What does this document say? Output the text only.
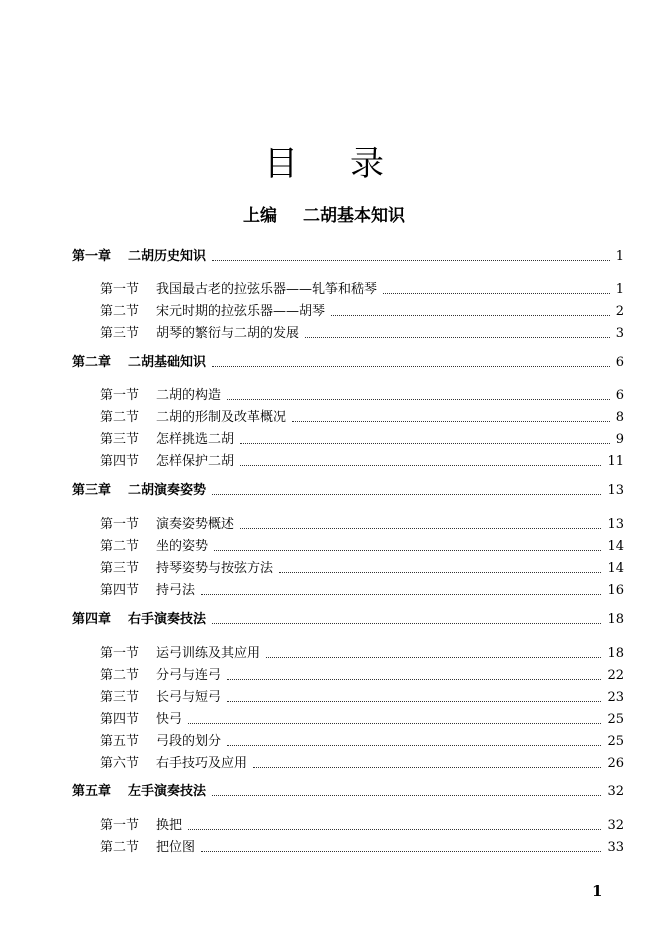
目录
上编 二胡基本知识
第一章 二胡历史知识	1
第一节 我国最古老的拉弦乐器——轧筝和嵇琴	1
第二节 宋元时期的拉弦乐器——胡琴	2
第三节 胡琴的繁衍与二胡的发展	3
第二章 二胡基础知识	6
第一节 二胡的构造	6
第二节 二胡的形制及改革概况	8
第三节 怎样挑选二胡	9
第四节 怎样保护二胡	11
第三章 二胡演奏姿势	13
第一节 演奏姿势概述	13
第二节 坐的姿势	14
第三节 持琴姿势与按弦方法	14
第四节 持弓法	16
第四章 右手演奏技法	18
第一节 运弓训练及其应用	18
第二节 分弓与连弓	22
第三节 长弓与短弓	23
第四节 快弓	25
第五节 弓段的划分	25
第六节 右手技巧及应用	26
第五章 左手演奏技法	32
第一节 换把	32
第二节 把位图	33
1
